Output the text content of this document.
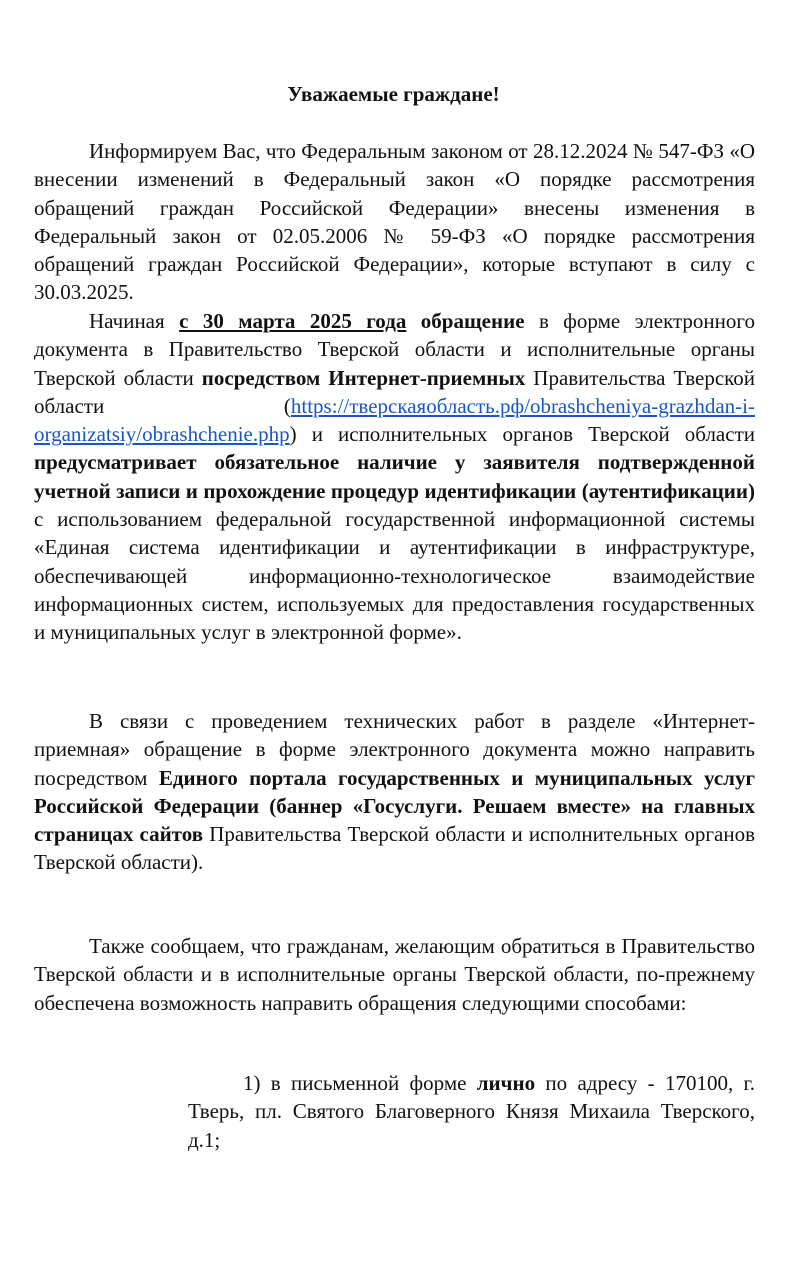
Уважаемые граждане!

Информируем Вас, что Федеральным законом от 28.12.2024 № 547-ФЗ «О внесении изменений в Федеральный закон «О порядке рассмотрения обращений граждан Российской Федерации» внесены изменения в Федеральный закон от 02.05.2006 № 59-ФЗ «О порядке рассмотрения обращений граждан Российской Федерации», которые вступают в силу с 30.03.2025.

Начиная с 30 марта 2025 года обращение в форме электронного документа в Правительство Тверской области и исполнительные органы Тверской области посредством Интернет-приемных Правительства Тверской области (https://тверскаяобласть.рф/obrashcheniya-grazhdan-i-organizatsiy/obrashchenie.php) и исполнительных органов Тверской области предусматривает обязательное наличие у заявителя подтвержденной учетной записи и прохождение процедур идентификации (аутентификации) с использованием федеральной государственной информационной системы «Единая система идентификации и аутентификации в инфраструктуре, обеспечивающей информационно-технологическое взаимодействие информационных систем, используемых для предоставления государственных и муниципальных услуг в электронной форме».

В связи с проведением технических работ в разделе «Интернет-приемная» обращение в форме электронного документа можно направить посредством Единого портала государственных и муниципальных услуг Российской Федерации (баннер «Госуслуги. Решаем вместе» на главных страницах сайтов Правительства Тверской области и исполнительных органов Тверской области).

Также сообщаем, что гражданам, желающим обратиться в Правительство Тверской области и в исполнительные органы Тверской области, по-прежнему обеспечена возможность направить обращения следующими способами:

1) в письменной форме лично по адресу - 170100, г. Тверь, пл. Святого Благоверного Князя Михаила Тверского, д.1;
